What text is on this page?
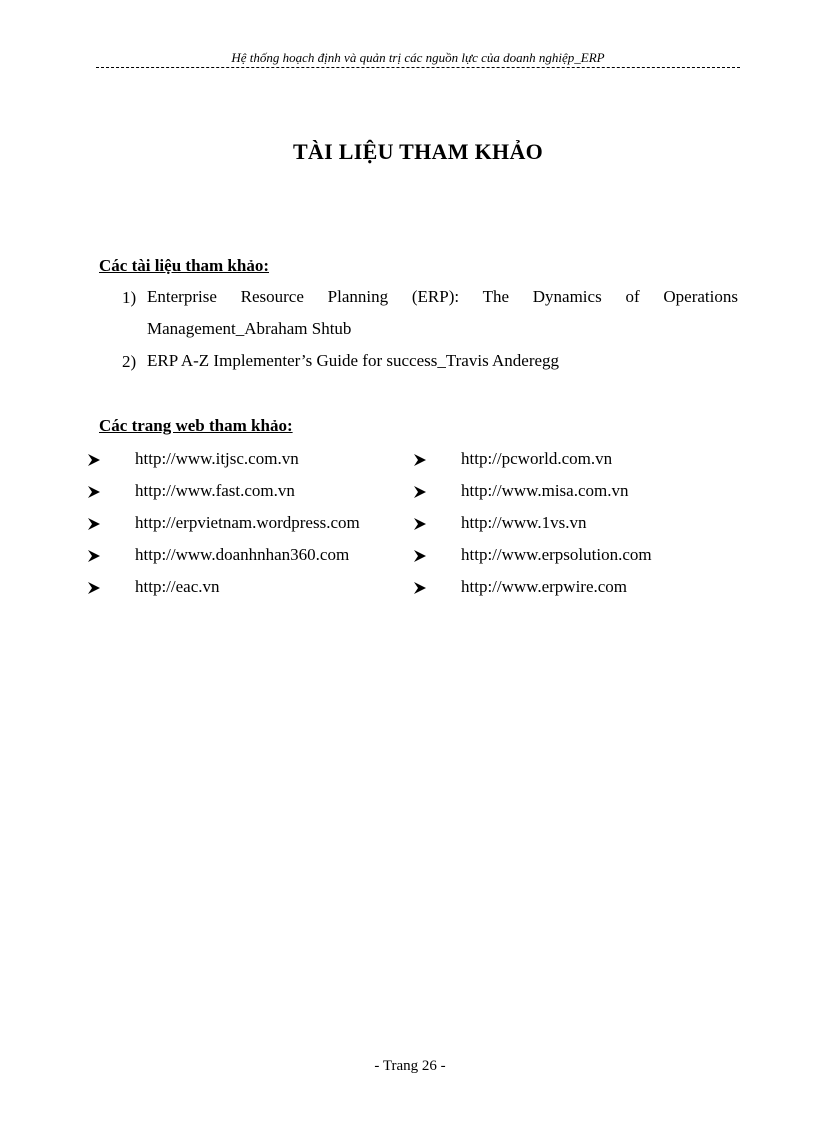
Hệ thống hoạch định và quản trị các nguồn lực của doanh nghiệp_ERP
TÀI LIỆU THAM KHẢO
Các tài liệu tham khảo:
1) Enterprise Resource Planning (ERP): The Dynamics of Operations Management_Abraham Shtub
2) ERP A-Z Implementer’s Guide for success_Travis Anderegg
Các trang web tham khảo:
http://www.itjsc.com.vn
http://www.fast.com.vn
http://erpvietnam.wordpress.com
http://www.doanhnhan360.com
http://eac.vn
http://pcworld.com.vn
http://www.misa.com.vn
http://www.1vs.vn
http://www.erpsolution.com
http://www.erpwire.com
- Trang 26 -
